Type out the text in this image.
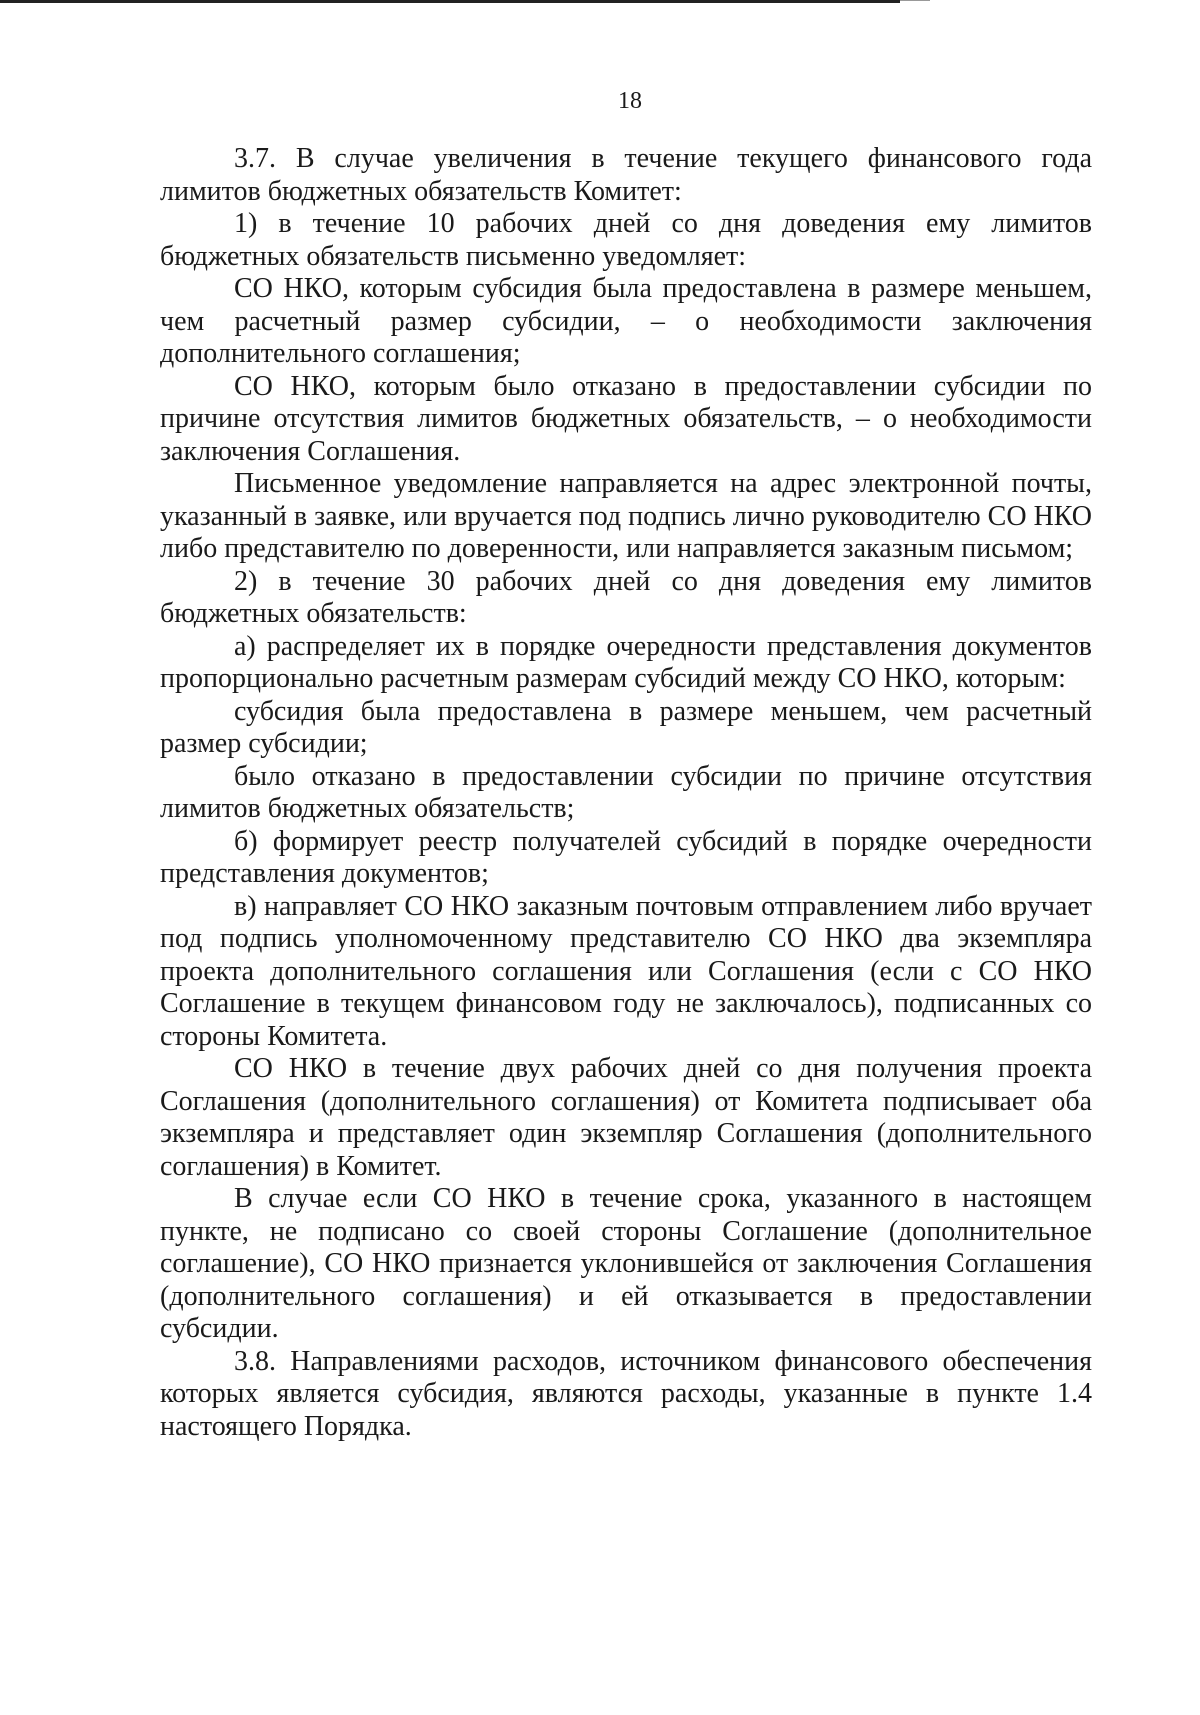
18

3.7. В случае увеличения в течение текущего финансового года лимитов бюджетных обязательств Комитет:

1) в течение 10 рабочих дней со дня доведения ему лимитов бюджетных обязательств письменно уведомляет:

СО НКО, которым субсидия была предоставлена в размере меньшем, чем расчетный размер субсидии, – о необходимости заключения дополнительного соглашения;

СО НКО, которым было отказано в предоставлении субсидии по причине отсутствия лимитов бюджетных обязательств, – о необходимости заключения Соглашения.

Письменное уведомление направляется на адрес электронной почты, указанный в заявке, или вручается под подпись лично руководителю СО НКО либо представителю по доверенности, или направляется заказным письмом;

2) в течение 30 рабочих дней со дня доведения ему лимитов бюджетных обязательств:

а) распределяет их в порядке очередности представления документов пропорционально расчетным размерам субсидий между СО НКО, которым:

субсидия была предоставлена в размере меньшем, чем расчетный размер субсидии;

было отказано в предоставлении субсидии по причине отсутствия лимитов бюджетных обязательств;

б) формирует реестр получателей субсидий в порядке очередности представления документов;

в) направляет СО НКО заказным почтовым отправлением либо вручает под подпись уполномоченному представителю СО НКО два экземпляра проекта дополнительного соглашения или Соглашения (если с СО НКО Соглашение в текущем финансовом году не заключалось), подписанных со стороны Комитета.

СО НКО в течение двух рабочих дней со дня получения проекта Соглашения (дополнительного соглашения) от Комитета подписывает оба экземпляра и представляет один экземпляр Соглашения (дополнительного соглашения) в Комитет.

В случае если СО НКО в течение срока, указанного в настоящем пункте, не подписано со своей стороны Соглашение (дополнительное соглашение), СО НКО признается уклонившейся от заключения Соглашения (дополнительного соглашения) и ей отказывается в предоставлении субсидии.

3.8. Направлениями расходов, источником финансового обеспечения которых является субсидия, являются расходы, указанные в пункте 1.4 настоящего Порядка.
